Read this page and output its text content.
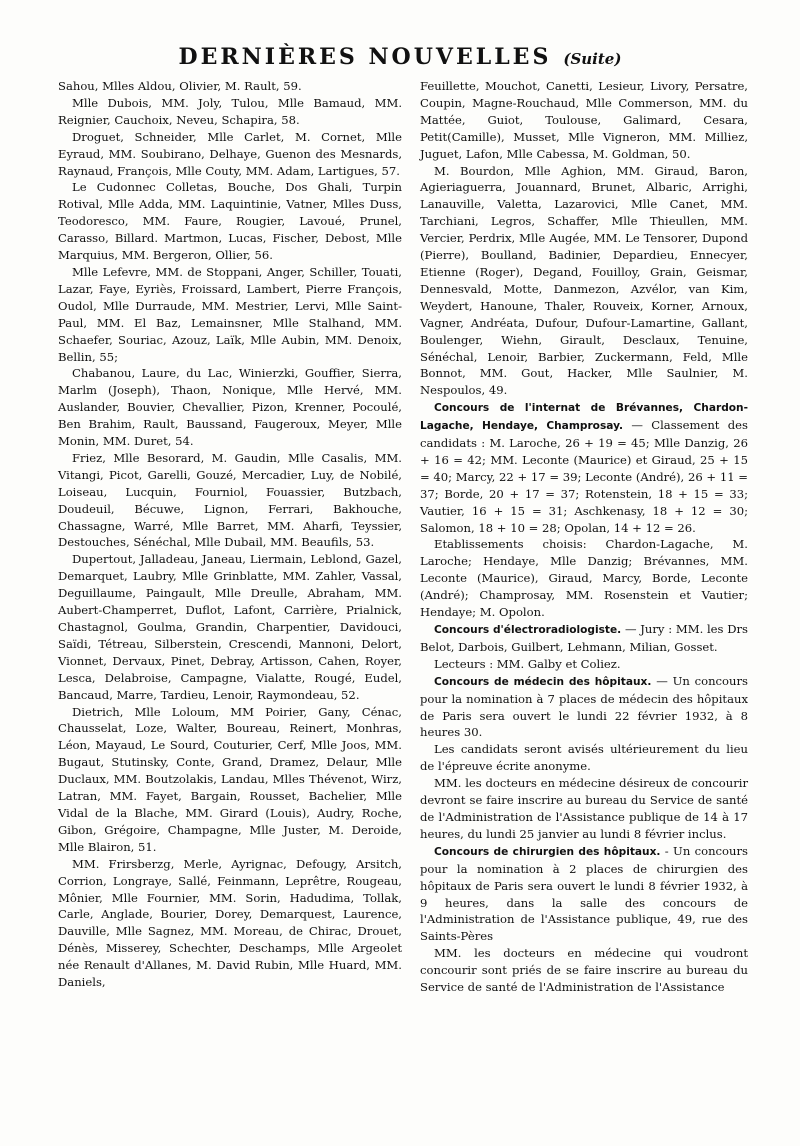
DERNIÈRES NOUVELLES (Suite)

Sahou, Mlles Aldou, Olivier, M. Rault, 59.

Mlle Dubois, MM. Joly, Tulou, Mlle Bamaud, MM. Reignier, Cauchoix, Neveu, Schapira, 58.

Droguet, Schneider, Mlle Carlet, M. Cornet, Mlle Eyraud, MM. Soubirano, Delhaye, Guenon des Mesnards, Raynaud, François, Mlle Couty, MM. Adam, Lartigues, 57.

Le Cudonnec Colletas, Bouche, Dos Ghali, Turpin Rotival, Mlle Adda, MM. Laquintinie, Vatner, Mlles Duss, Teodoresco, MM. Faure, Rougier, Lavoué, Prunel, Carasso, Billard. Martmon, Lucas, Fischer, Debost, Mlle Marquius, MM. Bergeron, Ollier, 56.

Mlle Lefevre, MM. de Stoppani, Anger, Schiller, Touati, Lazar, Faye, Eyriès, Froissard, Lambert, Pierre François, Oudol, Mlle Durraude, MM. Mestrier, Lervi, Mlle Saint-Paul, MM. El Baz, Lemainsner, Mlle Stalhand, MM. Schaefer, Souriac, Azouz, Laïk, Mlle Aubin, MM. Denoix, Bellin, 55;

Chabanou, Laure, du Lac, Winierzki, Gouffier, Sierra, Marlm (Joseph), Thaon, Nonique, Mlle Hervé, MM. Auslander, Bouvier, Chevallier, Pizon, Krenner, Pocoulé, Ben Brahim, Rault, Baussand, Faugeroux, Meyer, Mlle Monin, MM. Duret, 54.

Friez, Mlle Besorard, M. Gaudin, Mlle Casalis, MM. Vitangi, Picot, Garelli, Gouzé, Mercadier, Luy, de Nobilé, Loiseau, Lucquin, Fourniol, Fouassier, Butzbach, Doudeuil, Bécuwe, Lignon, Ferrari, Bakhouche, Chassagne, Warré, Mlle Barret, MM. Aharfi, Teyssier, Destouches, Sénéchal, Mlle Dubail, MM. Beaufils, 53.

Dupertout, Jalladeau, Janeau, Liermain, Leblond, Gazel, Demarquet, Laubry, Mlle Grinblatte, MM. Zahler, Vassal, Deguillaume, Paingault, Mlle Dreulle, Abraham, MM. Aubert-Champerret, Duflot, Lafont, Carrière, Prialnick, Chastagnol, Goulma, Grandin, Charpentier, Davidouci, Saïdi, Tétreau, Silberstein, Crescendi, Mannoni, Delort, Vionnet, Dervaux, Pinet, Debray, Artisson, Cahen, Royer, Lesca, Delabroise, Campagne, Vialatte, Rougé, Eudel, Bancaud, Marre, Tardieu, Lenoir, Raymondeau, 52.

Dietrich, Mlle Loloum, MM Poirier, Gany, Cénac, Chausselat, Loze, Walter, Boureau, Reinert, Monhras, Léon, Mayaud, Le Sourd, Couturier, Cerf, Mlle Joos, MM. Bugaut, Stutinsky, Conte, Grand, Dramez, Delaur, Mlle Duclaux, MM. Boutzolakis, Landau, Mlles Thévenot, Wirz, Latran, MM. Fayet, Bargain, Rousset, Bachelier, Mlle Vidal de la Blache, MM. Girard (Louis), Audry, Roche, Gibon, Grégoire, Champagne, Mlle Juster, M. Deroide, Mlle Blairon, 51.

MM. Frirsberzg, Merle, Ayrignac, Defougy, Arsitch, Corrion, Longraye, Sallé, Feinmann, Leprêtre, Rougeau, Mônier, Mlle Fournier, MM. Sorin, Hadudima, Tollak, Carle, Anglade, Bourier, Dorey, Demarquest, Laurence, Dauville, Mlle Sagnez, MM. Moreau, de Chirac, Drouet, Dénès, Misserey, Schechter, Deschamps, Mlle Argeolet née Renault d'Allanes, M. David Rubin, Mlle Huard, MM. Daniels,

Feuillette, Mouchot, Canetti, Lesieur, Livory, Persatre, Coupin, Magne-Rouchaud, Mlle Commerson, MM. du Mattée, Guiot, Toulouse, Galimard, Cesara, Petit(Camille), Musset, Mlle Vigneron, MM. Milliez, Juguet, Lafon, Mlle Cabessa, M. Goldman, 50.

M. Bourdon, Mlle Aghion, MM. Giraud, Baron, Agieriaguerra, Jouannard, Brunet, Albaric, Arrighi, Lanauville, Valetta, Lazarovici, Mlle Canet, MM. Tarchiani, Legros, Schaffer, Mlle Thieullen, MM. Vercier, Perdrix, Mlle Augée, MM. Le Tensorer, Dupond (Pierre), Boulland, Badinier, Depardieu, Ennecyer, Etienne (Roger), Degand, Fouilloy, Grain, Geismar, Dennesvald, Motte, Danmezon, Azvélor, van Kim, Weydert, Hanoune, Thaler, Rouveix, Korner, Arnoux, Vagner, Andréata, Dufour, Dufour-Lamartine, Gallant, Boulenger, Wiehn, Girault, Desclaux, Tenuine, Sénéchal, Lenoir, Barbier, Zuckermann, Feld, Mlle Bonnot, MM. Gout, Hacker, Mlle Saulnier, M. Nespoulos, 49.

Concours de l'internat de Brévannes, Chardon-Lagache, Hendaye, Champrosay. — Classement des candidats : M. Laroche, 26 + 19 = 45; Mlle Danzig, 26 + 16 = 42; MM. Leconte (Maurice) et Giraud, 25 + 15 = 40; Marcy, 22 + 17 = 39; Leconte (André), 26 + 11 = 37; Borde, 20 + 17 = 37; Rotenstein, 18 + 15 = 33; Vautier, 16 + 15 = 31; Aschkenasy, 18 + 12 = 30; Salomon, 18 + 10 = 28; Opolan, 14 + 12 = 26.

Etablissements choisis: Chardon-Lagache, M. Laroche; Hendaye, Mlle Danzig; Brévannes, MM. Leconte (Maurice), Giraud, Marcy, Borde, Leconte (André); Champrosay, MM. Rosenstein et Vautier; Hendaye; M. Opolon.

Concours d'électroradiologiste. — Jury : MM. les Drs Belot, Darbois, Guilbert, Lehmann, Milian, Gosset.

Lecteurs : MM. Galby et Coliez.

Concours de médecin des hôpitaux. — Un concours pour la nomination à 7 places de médecin des hôpitaux de Paris sera ouvert le lundi 22 février 1932, à 8 heures 30.

Les candidats seront avisés ultérieurement du lieu de l'épreuve écrite anonyme.

MM. les docteurs en médecine désireux de concourir devront se faire inscrire au bureau du Service de santé de l'Administration de l'Assistance publique de 14 à 17 heures, du lundi 25 janvier au lundi 8 février inclus.

Concours de chirurgien des hôpitaux. - Un concours pour la nomination à 2 places de chirurgien des hôpitaux de Paris sera ouvert le lundi 8 février 1932, à 9 heures, dans la salle des concours de l'Administration de l'Assistance publique, 49, rue des Saints-Pères

MM. les docteurs en médecine qui voudront concourir sont priés de se faire inscrire au bureau du Service de santé de l'Administration de l'Assistance
